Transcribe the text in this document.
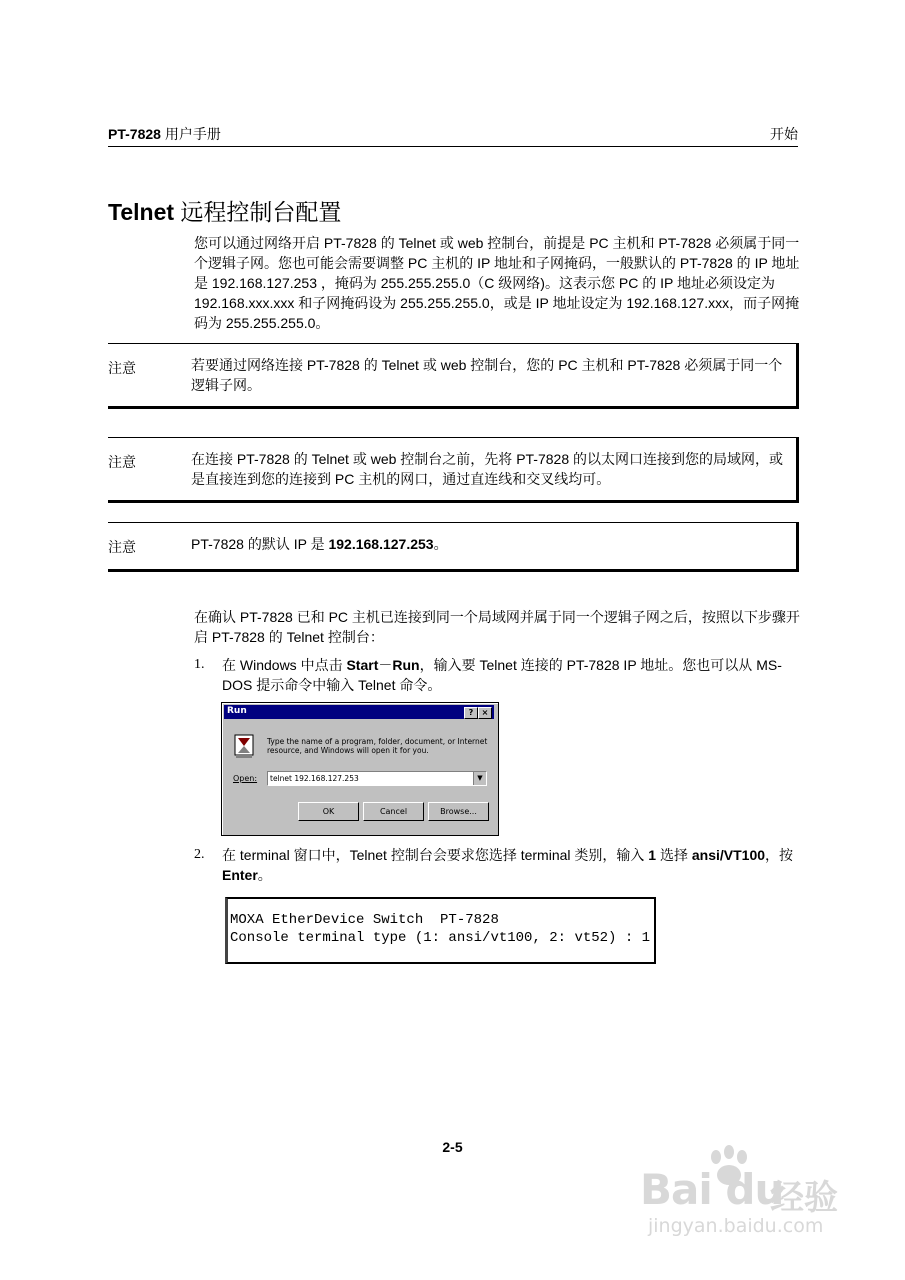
PT-7828 用户手册	开始
Telnet 远程控制台配置
您可以通过网络开启 PT-7828 的 Telnet 或 web 控制台，前提是 PC 主机和 PT-7828 必须属于同一个逻辑子网。您也可能会需要调整 PC 主机的 IP 地址和子网掩码，一般默认的 PT-7828 的 IP 地址是 192.168.127.253 ，掩码为 255.255.255.0（C 级网络)。这表示您 PC 的 IP 地址必须设定为 192.168.xxx.xxx 和子网掩码设为 255.255.255.0，或是 IP 地址设定为 192.168.127.xxx，而子网掩码为 255.255.255.0。
注意	若要通过网络连接 PT-7828 的 Telnet 或 web 控制台，您的 PC 主机和 PT-7828 必须属于同一个逻辑子网。
注意	在连接 PT-7828 的 Telnet 或 web 控制台之前，先将 PT-7828 的以太网口连接到您的局域网，或是直接连到您的连接到 PC 主机的网口，通过直连线和交叉线均可。
注意	PT-7828 的默认 IP 是 192.168.127.253。
在确认 PT-7828 已和 PC 主机已连接到同一个局域网并属于同一个逻辑子网之后，按照以下步骤开启 PT-7828 的 Telnet 控制台：
1. 在 Windows 中点击 Start－Run，输入要 Telnet 连接的 PT-7828 IP 地址。您也可以从 MS-DOS 提示命令中输入 Telnet 命令。
Run	?	×
Type the name of a program, folder, document, or Internet resource, and Windows will open it for you.
Open: telnet 192.168.127.253	▼
OK	Cancel	Browse...
2. 在 terminal 窗口中，Telnet 控制台会要求您选择 terminal 类别，输入 1 选择 ansi/VT100，按 Enter。
MOXA EtherDevice Switch  PT-7828
Console terminal type (1: ansi/vt100, 2: vt52) : 1
2-5
Bai du
经验
jingyan.baidu.com
